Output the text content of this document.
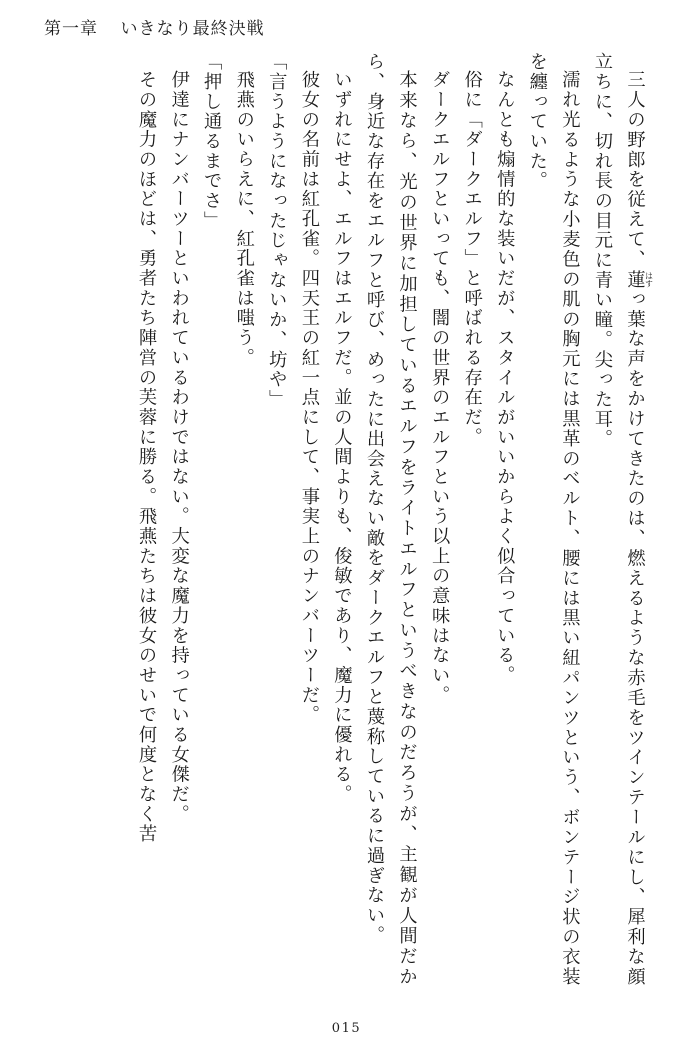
第一章 いきなり最終決戦

三人の野郎を従えて、蓮 はすっ葉な声をかけてきたのは、燃えるような赤毛をツインテールにし、犀利な顔立ちに、切れ長の目元に青い瞳。尖った耳。

濡れ光るような小麦色の肌の胸元には黒革のベルト、腰には黒い紐パンツという、ボンテージ状の衣装を纏っていた。

なんとも煽情的な装いだが、スタイルがいいからよく似合っている。

俗に「ダークエルフ」と呼ばれる存在だ。

ダークエルフといっても、闇の世界のエルフという以上の意味はない。

本来なら、光の世界に加担しているエルフをライトエルフというべきなのだろうが、主観が人間だから、身近な存在をエルフと呼び、めったに出会えない敵をダークエルフと蔑称しているに過ぎない。

いずれにせよ、エルフはエルフだ。並の人間よりも、俊敏であり、魔力に優れる。

彼女の名前は紅孔雀。四天王の紅一点にして、事実上のナンバーツーだ。

「言うようになったじゃないか、坊や」

飛燕のいらえに、紅孔雀は嗤う。

「押し通るまでさ」

伊達にナンバーツーといわれているわけではない。大変な魔力を持っている女傑だ。

その魔力のほどは、勇者たち陣営の芙蓉に勝る。飛燕たちは彼女のせいで何度となく苦

015
